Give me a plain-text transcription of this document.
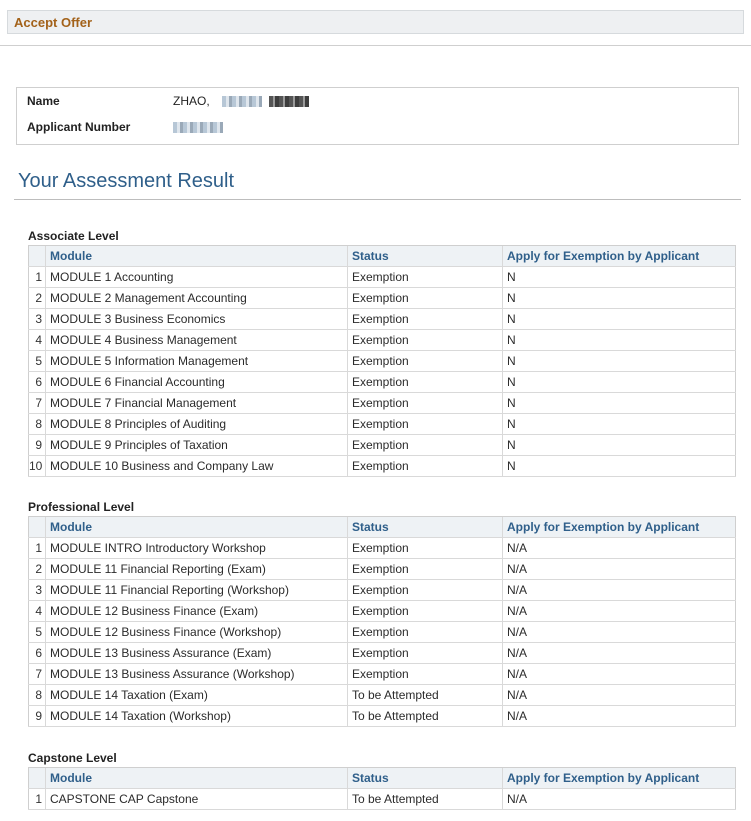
Accept Offer
Name	ZHAO,
Applicant Number
Your Assessment Result
Associate Level
	Module	Status	Apply for Exemption by Applicant
1	MODULE 1 Accounting	Exemption	N
2	MODULE 2 Management Accounting	Exemption	N
3	MODULE 3 Business Economics	Exemption	N
4	MODULE 4 Business Management	Exemption	N
5	MODULE 5 Information Management	Exemption	N
6	MODULE 6 Financial Accounting	Exemption	N
7	MODULE 7 Financial Management	Exemption	N
8	MODULE 8 Principles of Auditing	Exemption	N
9	MODULE 9 Principles of Taxation	Exemption	N
10	MODULE 10 Business and Company Law	Exemption	N
Professional Level
	Module	Status	Apply for Exemption by Applicant
1	MODULE INTRO Introductory Workshop	Exemption	N/A
2	MODULE 11 Financial Reporting (Exam)	Exemption	N/A
3	MODULE 11 Financial Reporting (Workshop)	Exemption	N/A
4	MODULE 12 Business Finance (Exam)	Exemption	N/A
5	MODULE 12 Business Finance (Workshop)	Exemption	N/A
6	MODULE 13 Business Assurance (Exam)	Exemption	N/A
7	MODULE 13 Business Assurance (Workshop)	Exemption	N/A
8	MODULE 14 Taxation (Exam)	To be Attempted	N/A
9	MODULE 14 Taxation (Workshop)	To be Attempted	N/A
Capstone Level
	Module	Status	Apply for Exemption by Applicant
1	CAPSTONE CAP Capstone	To be Attempted	N/A
